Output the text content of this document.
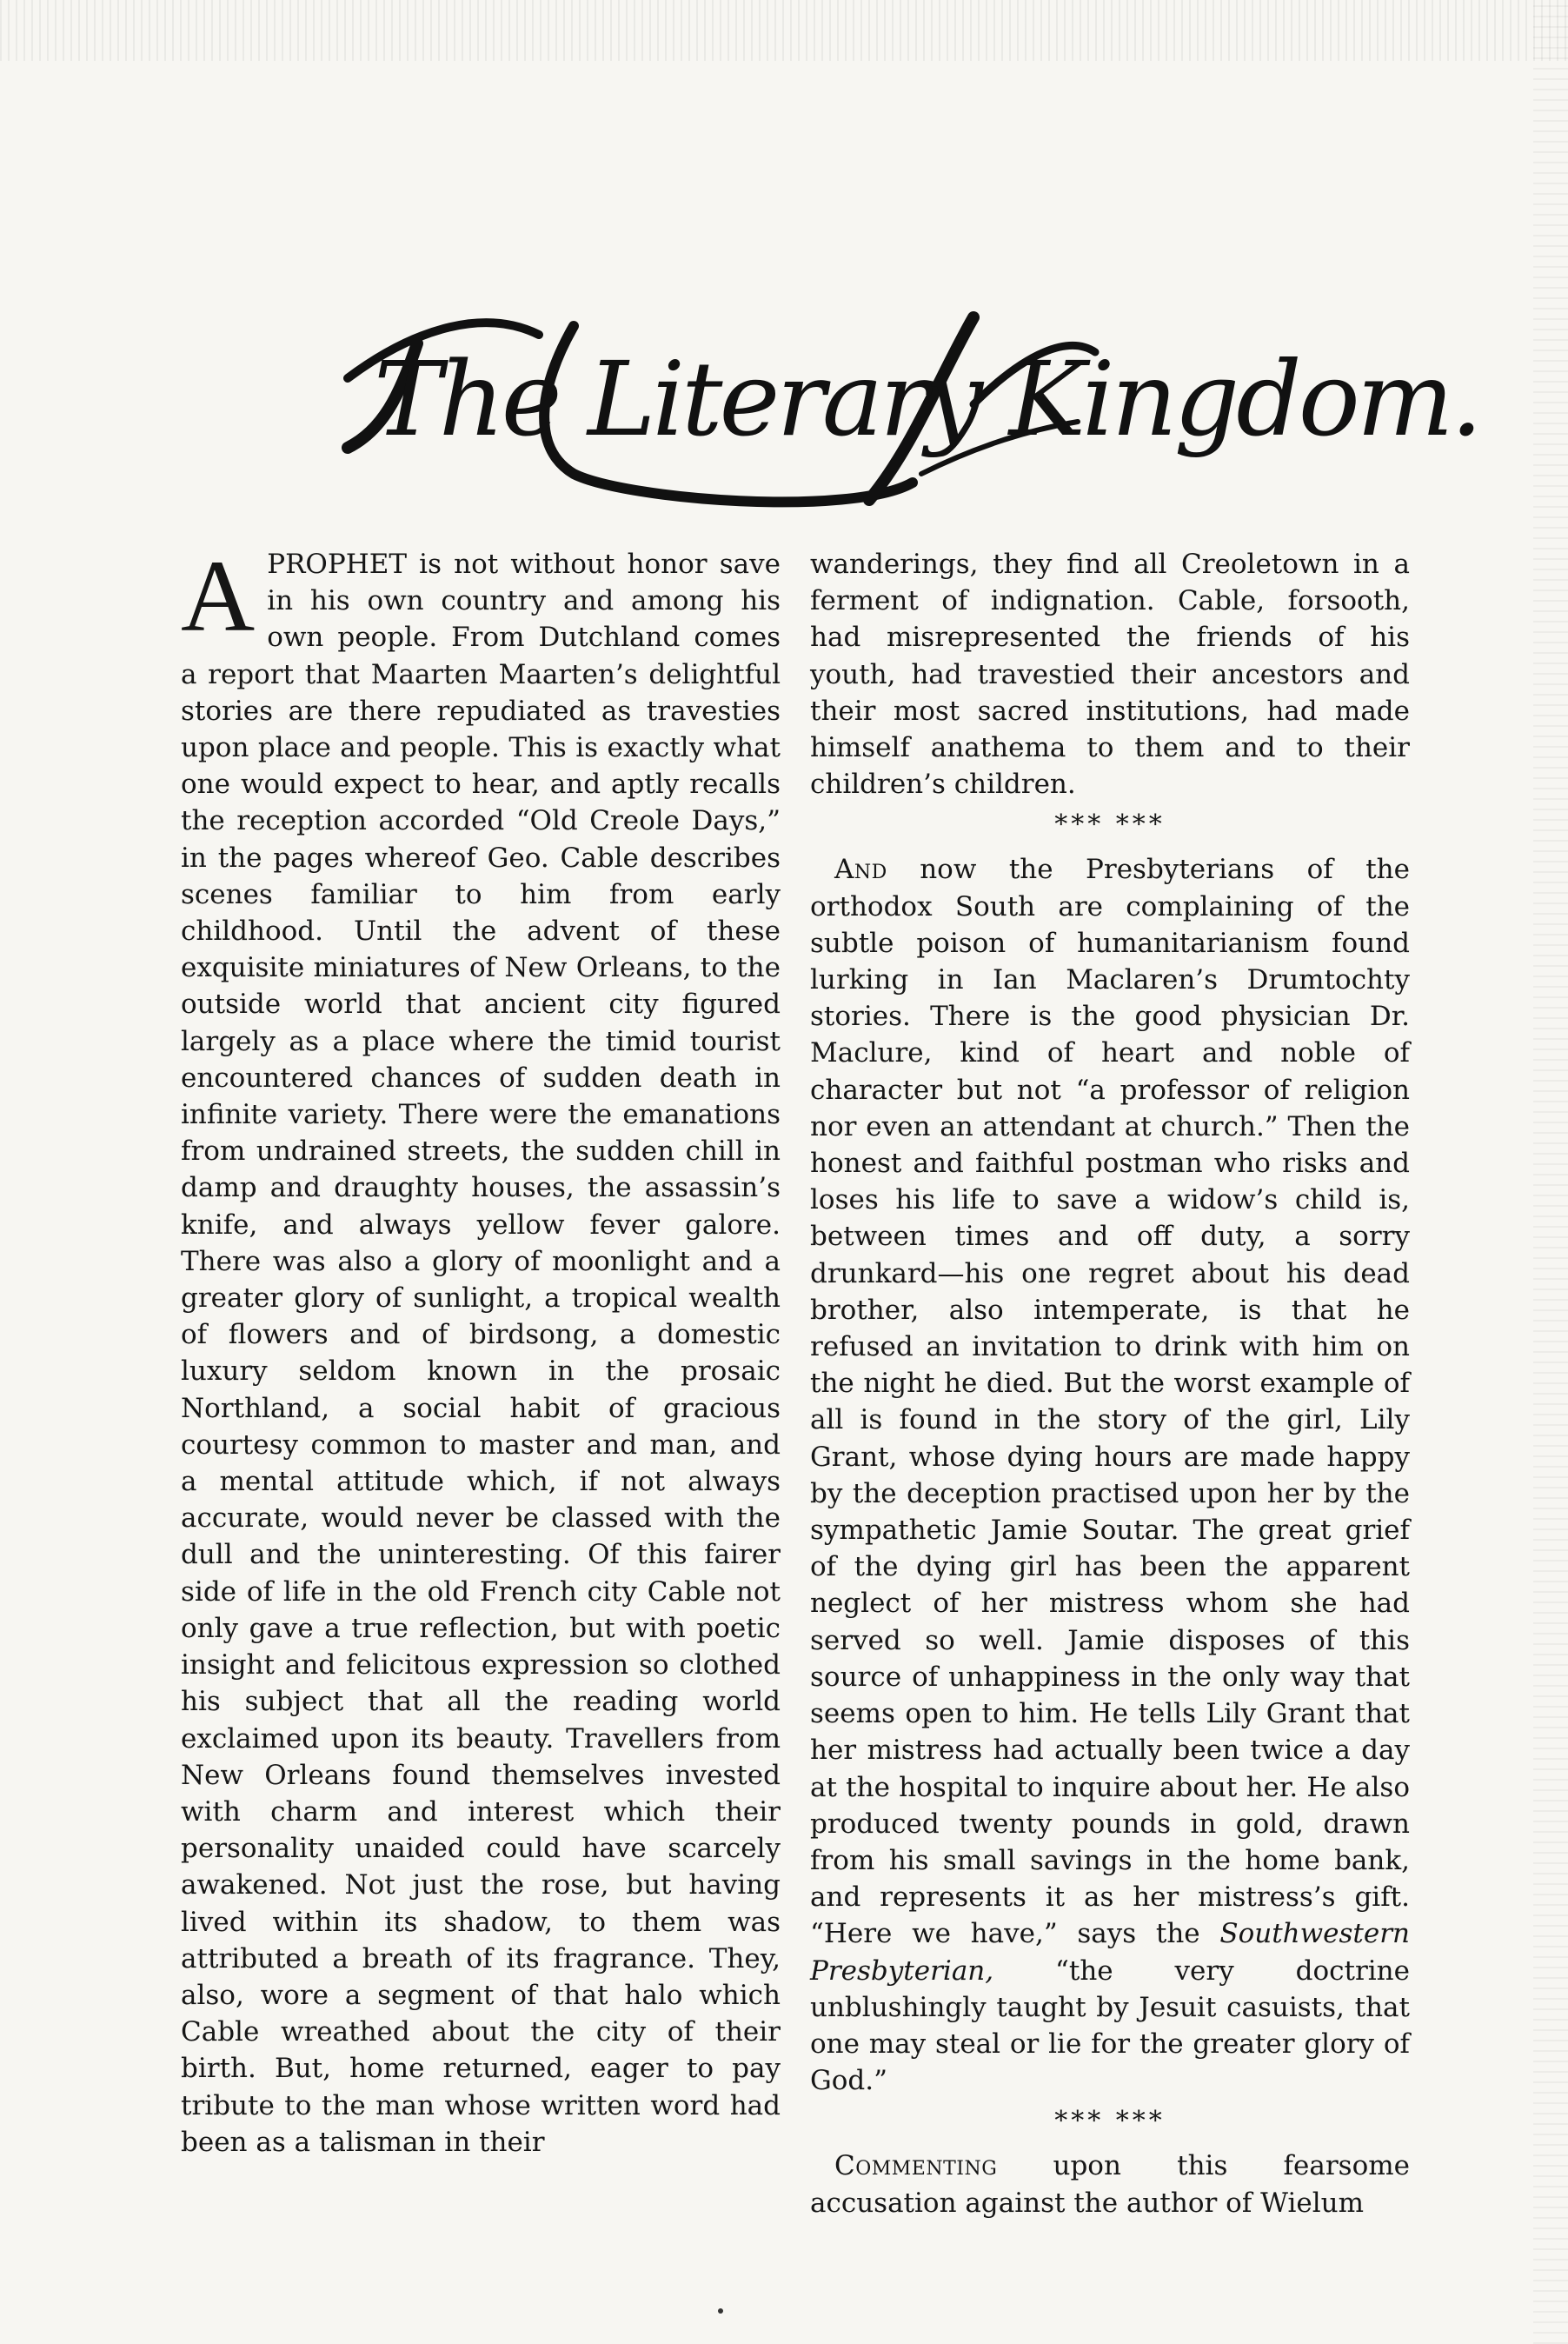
The Literary Kingdom.

A PROPHET is not without honor save in his own country and among his own people. From Dutchland comes a report that Maarten Maarten’s delightful stories are there repudiated as travesties upon place and people. This is exactly what one would expect to hear, and aptly recalls the reception accorded “Old Creole Days,” in the pages whereof Geo. Cable describes scenes familiar to him from early childhood. Until the advent of these exquisite miniatures of New Orleans, to the outside world that ancient city figured largely as a place where the timid tourist encountered chances of sudden death in infinite variety. There were the emanations from undrained streets, the sudden chill in damp and draughty houses, the assassin’s knife, and always yellow fever galore. There was also a glory of moonlight and a greater glory of sunlight, a tropical wealth of flowers and of birdsong, a domestic luxury seldom known in the prosaic Northland, a social habit of gracious courtesy common to master and man, and a mental attitude which, if not always accurate, would never be classed with the dull and the uninteresting. Of this fairer side of life in the old French city Cable not only gave a true reflection, but with poetic insight and felicitous expression so clothed his subject that all the reading world exclaimed upon its beauty. Travellers from New Orleans found themselves invested with charm and interest which their personality unaided could have scarcely awakened. Not just the rose, but having lived within its shadow, to them was attributed a breath of its fragrance. They, also, wore a segment of that halo which Cable wreathed about the city of their birth. But, home returned, eager to pay tribute to the man whose written word had been as a talisman in their

wanderings, they find all Creoletown in a ferment of indignation. Cable, forsooth, had misrepresented the friends of his youth, had travestied their ancestors and their most sacred institutions, had made himself anathema to them and to their children’s children.

*** ***

And now the Presbyterians of the orthodox South are complaining of the subtle poison of humanitarianism found lurking in Ian Maclaren’s Drumtochty stories. There is the good physician Dr. Maclure, kind of heart and noble of character but not “a professor of religion nor even an attendant at church.” Then the honest and faithful postman who risks and loses his life to save a widow’s child is, between times and off duty, a sorry drunkard—his one regret about his dead brother, also intemperate, is that he refused an invitation to drink with him on the night he died. But the worst example of all is found in the story of the girl, Lily Grant, whose dying hours are made happy by the deception practised upon her by the sympathetic Jamie Soutar. The great grief of the dying girl has been the apparent neglect of her mistress whom she had served so well. Jamie disposes of this source of unhappiness in the only way that seems open to him. He tells Lily Grant that her mistress had actually been twice a day at the hospital to inquire about her. He also produced twenty pounds in gold, drawn from his small savings in the home bank, and represents it as her mistress’s gift. “Here we have,” says the Southwestern Presbyterian, “the very doctrine unblushingly taught by Jesuit casuists, that one may steal or lie for the greater glory of God.”

*** ***

Commenting upon this fearsome accusation against the author of Wielum
